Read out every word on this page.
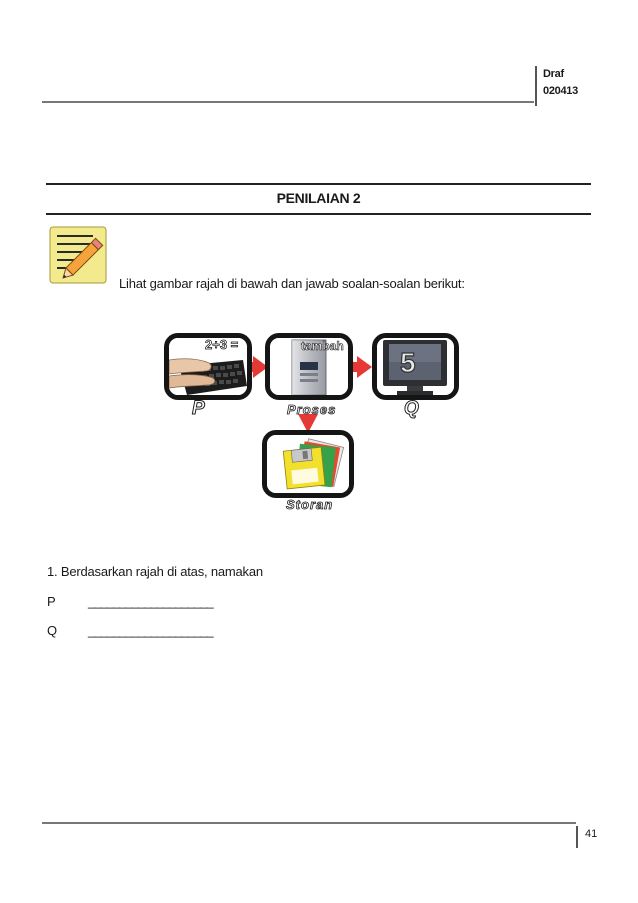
Draf
020413
PENILAIAN 2
Lihat gambar rajah di bawah dan jawab soalan-soalan berikut:
2+3 =	tambah
5
P	Proses	Q
Storan
1. Berdasarkan rajah di atas, namakan
P ____________________
Q ____________________
41
